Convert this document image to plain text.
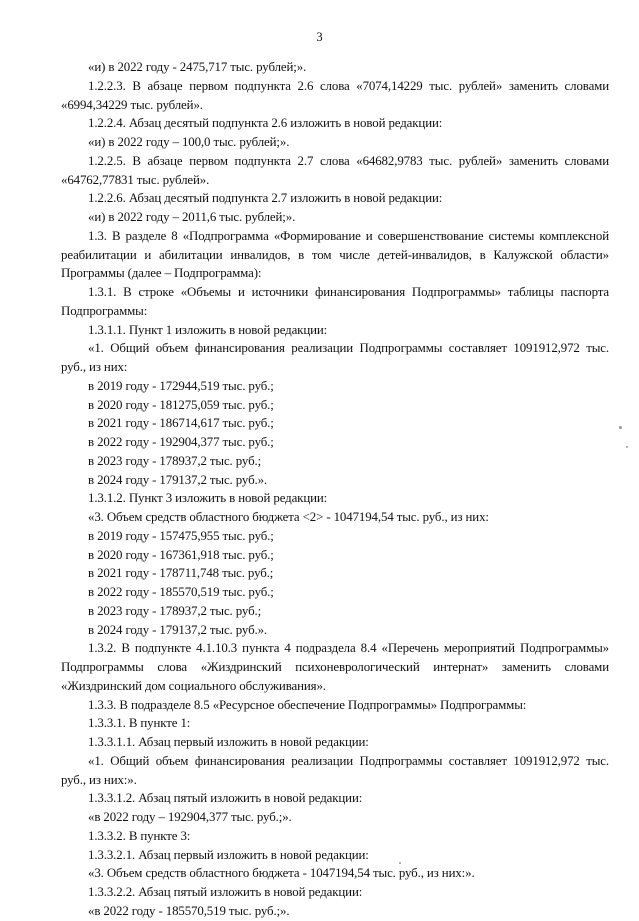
3

«и) в 2022 году - 2475,717 тыс. рублей;».

1.2.2.3. В абзаце первом подпункта 2.6 слова «7074,14229 тыс. рублей» заменить словами «6994,34229 тыс. рублей».

1.2.2.4. Абзац десятый подпункта 2.6 изложить в новой редакции:

«и) в 2022 году – 100,0 тыс. рублей;».

1.2.2.5. В абзаце первом подпункта 2.7 слова «64682,9783 тыс. рублей» заменить словами «64762,77831 тыс. рублей».

1.2.2.6. Абзац десятый подпункта 2.7 изложить в новой редакции:

«и) в 2022 году – 2011,6 тыс. рублей;».

1.3. В разделе 8 «Подпрограмма «Формирование и совершенствование системы комплексной реабилитации и абилитации инвалидов, в том числе детей-инвалидов, в Калужской области» Программы (далее – Подпрограмма):

1.3.1. В строке «Объемы и источники финансирования Подпрограммы» таблицы паспорта Подпрограммы:

1.3.1.1. Пункт 1 изложить в новой редакции:

«1. Общий объем финансирования реализации Подпрограммы составляет 1091912,972 тыс. руб., из них:

в 2019 году - 172944,519 тыс. руб.;

в 2020 году - 181275,059 тыс. руб.;

в 2021 году - 186714,617 тыс. руб.;

в 2022 году - 192904,377 тыс. руб.;

в 2023 году - 178937,2 тыс. руб.;

в 2024 году - 179137,2 тыс. руб.».

1.3.1.2. Пункт 3 изложить в новой редакции:

«3. Объем средств областного бюджета <2> - 1047194,54 тыс. руб., из них:

в 2019 году - 157475,955 тыс. руб.;

в 2020 году - 167361,918 тыс. руб.;

в 2021 году - 178711,748 тыс. руб.;

в 2022 году - 185570,519 тыс. руб.;

в 2023 году - 178937,2 тыс. руб.;

в 2024 году - 179137,2 тыс. руб.».

1.3.2. В подпункте 4.1.10.3 пункта 4 подраздела 8.4 «Перечень мероприятий Подпрограммы» Подпрограммы слова «Жиздринский психоневрологический интернат» заменить словами «Жиздринский дом социального обслуживания».

1.3.3. В подразделе 8.5 «Ресурсное обеспечение Подпрограммы» Подпрограммы:

1.3.3.1. В пункте 1:

1.3.3.1.1. Абзац первый изложить в новой редакции:

«1. Общий объем финансирования реализации Подпрограммы составляет 1091912,972 тыс. руб., из них:».

1.3.3.1.2. Абзац пятый изложить в новой редакции:

«в 2022 году – 192904,377 тыс. руб.;».

1.3.3.2. В пункте 3:

1.3.3.2.1. Абзац первый изложить в новой редакции:

«3. Объем средств областного бюджета - 1047194,54 тыс. руб., из них:».

1.3.3.2.2. Абзац пятый изложить в новой редакции:

«в 2022 году - 185570,519 тыс. руб.;».
